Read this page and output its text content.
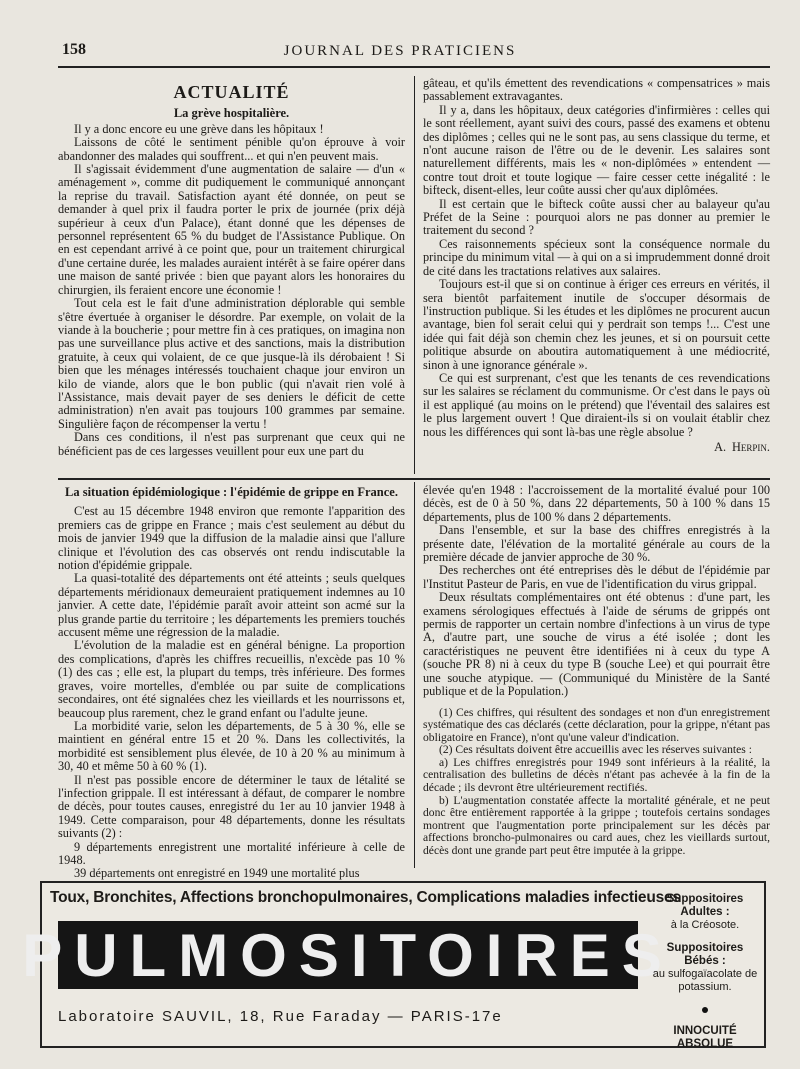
158	JOURNAL DES PRATICIENS
ACTUALITÉ
La grève hospitalière.

Il y a donc encore eu une grève dans les hôpitaux !

Laissons de côté le sentiment pénible qu'on éprouve à voir abandonner des malades qui souffrent... et qui n'en peuvent mais.

Il s'agissait évidemment d'une augmentation de salaire — d'un « aménagement », comme dit pudiquement le communiqué annonçant la reprise du travail. Satisfaction ayant été donnée, on peut se demander à quel prix il faudra porter le prix de journée (prix déjà supérieur à ceux d'un Palace), étant donné que les dépenses de personnel représentent 65 % du budget de l'Assistance Publique. On en est cependant arrivé à ce point que, pour un traitement chirurgical d'une certaine durée, les malades auraient intérêt à se faire opérer dans une maison de santé privée : bien que payant alors les honoraires du chirurgien, ils feraient encore une économie !

Tout cela est le fait d'une administration déplorable qui semble s'être évertuée à organiser le désordre. Par exemple, on volait de la viande à la boucherie ; pour mettre fin à ces pratiques, on imagina non pas une surveillance plus active et des sanctions, mais la distribution gratuite, à ceux qui volaient, de ce que jusque-là ils dérobaient ! Si bien que les ménages intéressés touchaient chaque jour environ un kilo de viande, alors que le bon public (qui n'avait rien volé à l'Assistance, mais devait payer de ses deniers le déficit de cette administration) n'en avait pas toujours 100 grammes par semaine. Singulière façon de récompenser la vertu !

Dans ces conditions, il n'est pas surprenant que ceux qui ne bénéficient pas de ces largesses veuillent pour eux une part du

gâteau, et qu'ils émettent des revendications « compensatrices » mais passablement extravagantes.

Il y a, dans les hôpitaux, deux catégories d'infirmières : celles qui le sont réellement, ayant suivi des cours, passé des examens et obtenu des diplômes ; celles qui ne le sont pas, au sens classique du terme, et n'ont aucune raison de l'être ou de le devenir. Les salaires sont naturellement différents, mais les « non-diplômées » entendent — contre tout droit et toute logique — faire cesser cette inégalité : le bifteck, disent-elles, leur coûte aussi cher qu'aux diplômées.

Il est certain que le bifteck coûte aussi cher au balayeur qu'au Préfet de la Seine : pourquoi alors ne pas donner au premier le traitement du second ?

Ces raisonnements spécieux sont la conséquence normale du principe du minimum vital — à qui on a si imprudemment donné droit de cité dans les tractations relatives aux salaires.

Toujours est-il que si on continue à ériger ces erreurs en vérités, il sera bientôt parfaitement inutile de s'occuper désormais de l'instruction publique. Si les études et les diplômes ne procurent aucun avantage, bien fol serait celui qui y perdrait son temps !... C'est une idée qui fait déjà son chemin chez les jeunes, et si on poursuit cette politique absurde on aboutira automatiquement à une médiocrité, sinon à une ignorance générale ».

Ce qui est surprenant, c'est que les tenants de ces revendications sur les salaires se réclament du communisme. Or c'est dans le pays où il est appliqué (au moins on le prétend) que l'éventail des salaires est le plus largement ouvert ! Que diraient-ils si on voulait établir chez nous les différences qui sont là-bas une règle absolue ?

A. Herpin.
La situation épidémiologique : l'épidémie de grippe en France.

C'est au 15 décembre 1948 environ que remonte l'apparition des premiers cas de grippe en France ; mais c'est seulement au début du mois de janvier 1949 que la diffusion de la maladie ainsi que l'allure clinique et l'évolution des cas observés ont rendu indiscutable la notion d'épidémie grippale.

La quasi-totalité des départements ont été atteints ; seuls quelques départements méridionaux demeuraient pratiquement indemnes au 10 janvier. A cette date, l'épidémie paraît avoir atteint son acmé sur la plus grande partie du territoire ; les départements les premiers touchés accusent même une régression de la maladie.

L'évolution de la maladie est en général bénigne. La proportion des complications, d'après les chiffres recueillis, n'excède pas 10 % (1) des cas ; elle est, la plupart du temps, très inférieure. Des formes graves, voire mortelles, d'emblée ou par suite de complications secondaires, ont été signalées chez les vieillards et les nourrissons et, beaucoup plus rarement, chez le grand enfant ou l'adulte jeune.

La morbidité varie, selon les départements, de 5 à 30 %, elle se maintient en général entre 15 et 20 %. Dans les collectivités, la morbidité est sensiblement plus élevée, de 10 à 20 % au minimum à 30, 40 et même 50 à 60 % (1).

Il n'est pas possible encore de déterminer le taux de létalité se l'infection grippale. Il est intéressant à défaut, de comparer le nombre de décès, pour toutes causes, enregistré du 1er au 10 janvier 1948 à 1949. Cette comparaison, pour 48 départements, donne les résultats suivants (2) :

9 départements enregistrent une mortalité inférieure à celle de 1948.

39 départements ont enregistré en 1949 une mortalité plus

élevée qu'en 1948 : l'accroissement de la mortalité évalué pour 100 décès, est de 0 à 50 %, dans 22 départements, 50 à 100 % dans 15 départements, plus de 100 % dans 2 départements.

Dans l'ensemble, et sur la base des chiffres enregistrés à la présente date, l'élévation de la mortalité générale au cours de la première décade de janvier approche de 30 %.

Des recherches ont été entreprises dès le début de l'épidémie par l'Institut Pasteur de Paris, en vue de l'identification du virus grippal.

Deux résultats complémentaires ont été obtenus : d'une part, les examens sérologiques effectués à l'aide de sérums de grippés ont permis de rapporter un certain nombre d'infections à un virus de type A, d'autre part, une souche de virus a été isolée ; dont les caractéristiques ne peuvent être identifiées ni à ceux du type A (souche PR 8) ni à ceux du type B (souche Lee) et qui pourrait être une souche atypique. — (Communiqué du Ministère de la Santé publique et de la Population.)

(1) Ces chiffres, qui résultent des sondages et non d'un enregistrement systématique des cas déclarés (cette déclaration, pour la grippe, n'étant pas obligatoire en France), n'ont qu'une valeur d'indication.

(2) Ces résultats doivent être accueillis avec les réserves suivantes :

a) Les chiffres enregistrés pour 1949 sont inférieurs à la réalité, la centralisation des bulletins de décès n'étant pas achevée à la fin de la décade ; ils devront être ultérieurement rectifiés.

b) L'augmentation constatée affecte la mortalité générale, et ne peut donc être entièrement rapportée à la grippe ; toutefois certains sondages montrent que l'augmentation porte principalement sur les décès par affections broncho-pulmonaires ou card aues, chez les vieillards surtout, décès dont une grande part peut être imputée à la grippe.

Toux, Bronchites, Affections bronchopulmonaires, Complications maladies infectieuses
PULMOSITOIRES
Laboratoire SAUVIL, 18, Rue Faraday — PARIS-17e
Suppositoires Adultes :
à la Créosote.
Suppositoires Bébés :
au sulfogaïacolate de potassium.
INNOCUITÉ ABSOLUE
